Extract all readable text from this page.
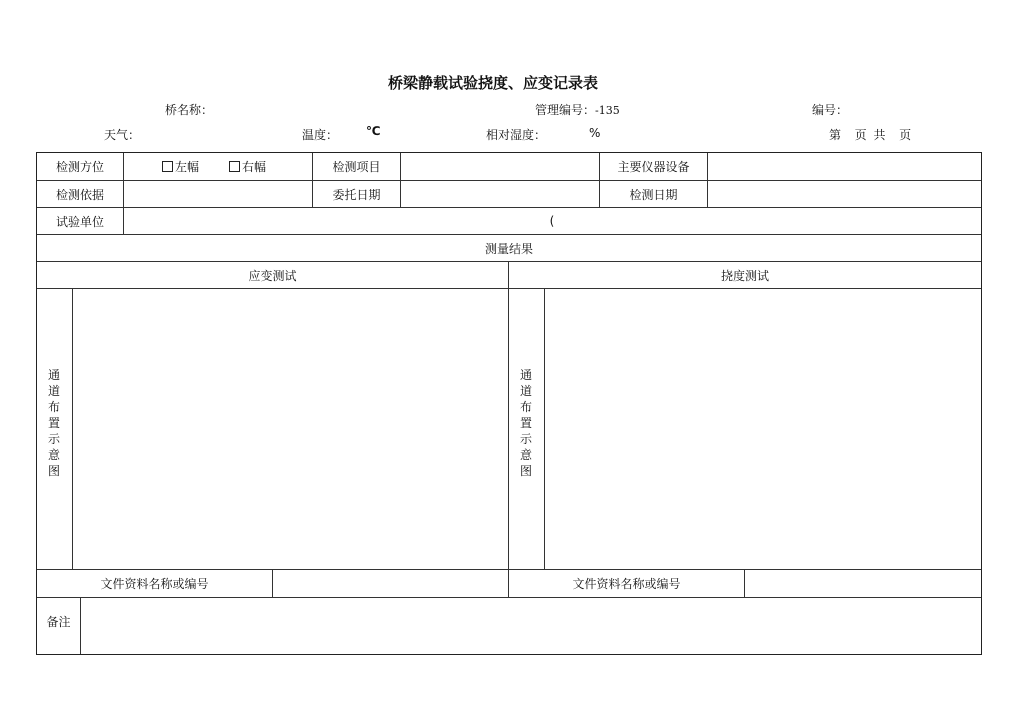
桥梁静载试验挠度、应变记录表
桥名称：	管理编号：-135	编号：
天气：	温度： ℃	相对湿度：	%	第  页 共  页
检测方位	左幅	右幅	检测项目	主要仪器设备
检测依据	委托日期	检测日期
试验单位	(
测量结果
应变测试	挠度测试
通道布置示意图
通道布置示意图
文件资料名称或编号	文件资料名称或编号
备注
